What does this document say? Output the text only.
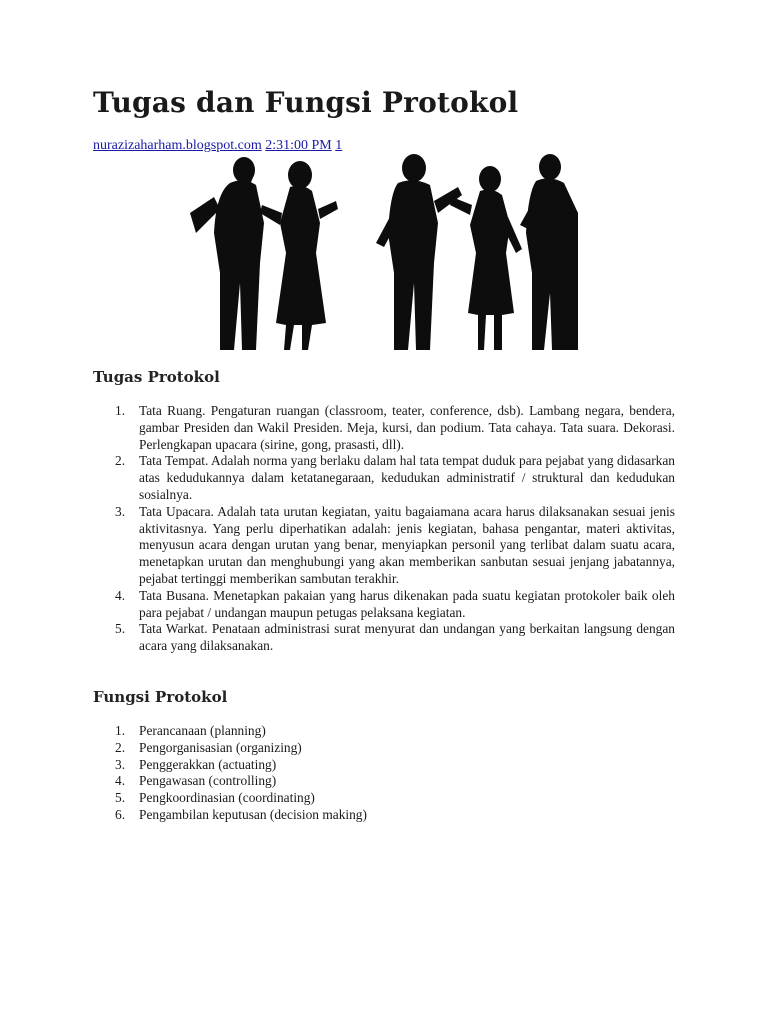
Tugas dan Fungsi Protokol
nurazizaharham.blogspot.com 2:31:00 PM 1
Tugas Protokol
1. Tata Ruang. Pengaturan ruangan (classroom, teater, conference, dsb). Lambang negara, bendera, gambar Presiden dan Wakil Presiden. Meja, kursi, dan podium. Tata cahaya. Tata suara. Dekorasi. Perlengkapan upacara (sirine, gong, prasasti, dll).
2. Tata Tempat. Adalah norma yang berlaku dalam hal tata tempat duduk para pejabat yang didasarkan atas kedudukannya dalam ketatanegaraan, kedudukan administratif / struktural dan kedudukan sosialnya.
3. Tata Upacara. Adalah tata urutan kegiatan, yaitu bagaiamana acara harus dilaksanakan sesuai jenis aktivitasnya. Yang perlu diperhatikan adalah: jenis kegiatan, bahasa pengantar, materi aktivitas, menyusun acara dengan urutan yang benar, menyiapkan personil yang terlibat dalam suatu acara, menetapkan urutan dan menghubungi yang akan memberikan sanbutan sesuai jenjang jabatannya, pejabat tertinggi memberikan sambutan terakhir.
4. Tata Busana. Menetapkan pakaian yang harus dikenakan pada suatu kegiatan protokoler baik oleh para pejabat / undangan maupun petugas pelaksana kegiatan.
5. Tata Warkat. Penataan administrasi surat menyurat dan undangan yang berkaitan langsung dengan acara yang dilaksanakan.
Fungsi Protokol
1. Perancanaan (planning)
2. Pengorganisasian (organizing)
3. Penggerakkan (actuating)
4. Pengawasan (controlling)
5. Pengkoordinasian (coordinating)
6. Pengambilan keputusan (decision making)
